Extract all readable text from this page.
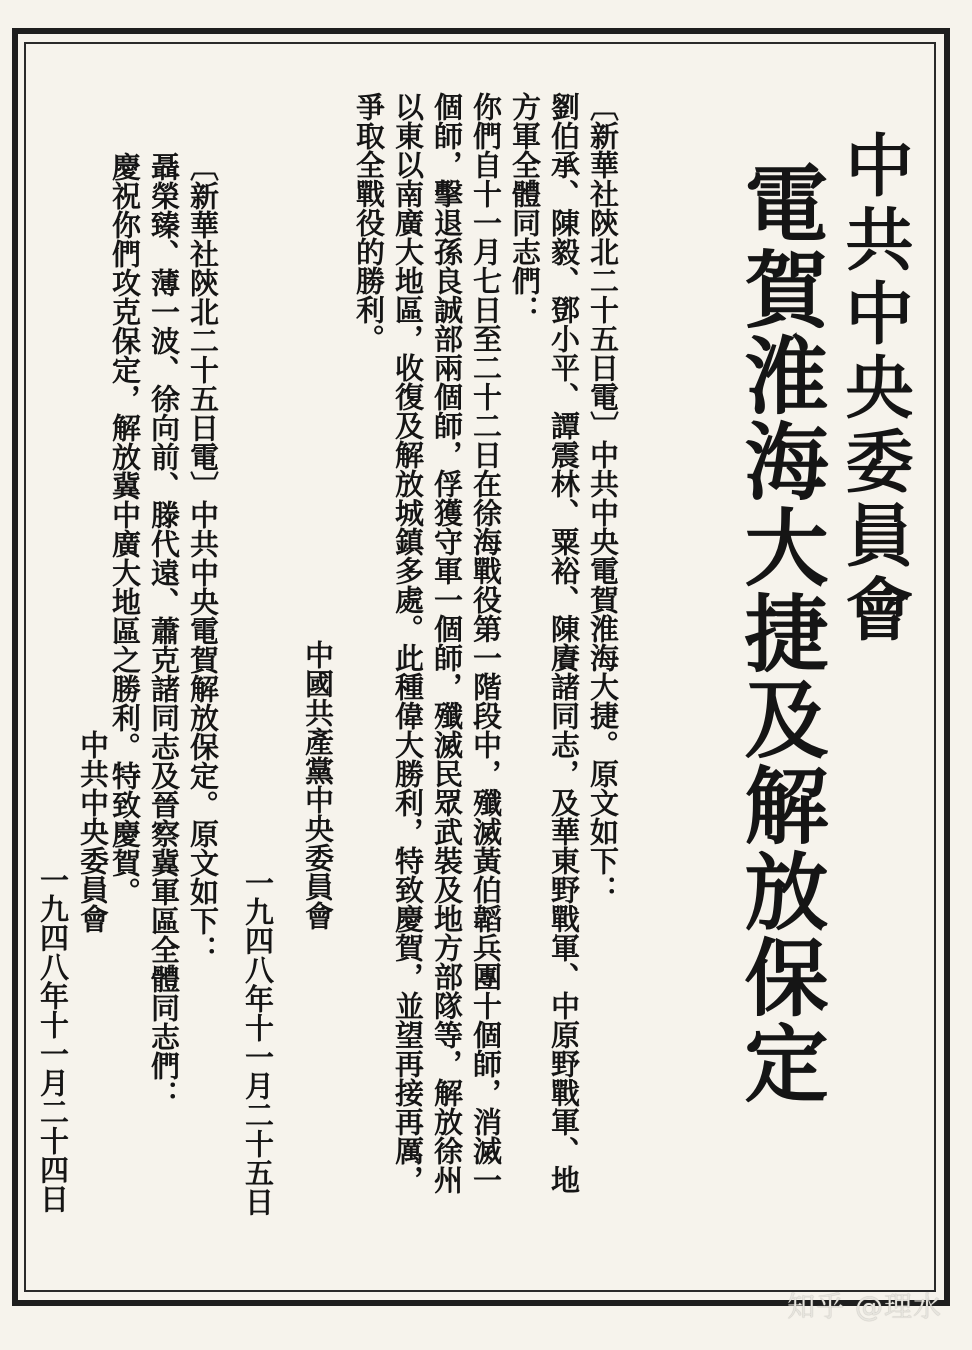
中共中央委員會
電賀淮海大捷及解放保定

〔新華社陝北二十五日電〕中共中央電賀淮海大捷。原文如下：

劉伯承、陳毅、鄧小平、譚震林、粟裕、陳賡諸同志，及華東野戰軍、中原野戰軍、地方軍全體同志們：

你們自十一月七日至二十二日在徐海戰役第一階段中，殲滅黃伯韜兵團十個師，消滅一個師，擊退孫良誠部兩個師，俘獲守軍一個師，殲滅民眾武裝及地方部隊等，解放徐州以東以南廣大地區，收復及解放城鎮多處。此種偉大勝利，特致慶賀，並望再接再厲，爭取全戰役的勝利。

中國共產黨中央委員會
一九四八年十一月二十五日

〔新華社陝北二十五日電〕中共中央電賀解放保定。原文如下：

聶榮臻、薄一波、徐向前、滕代遠、蕭克諸同志及晉察冀軍區全體同志們：

慶祝你們攻克保定，解放冀中廣大地區之勝利。特致慶賀。

中共中央委員會
一九四八年十一月二十四日
知乎 @理水
